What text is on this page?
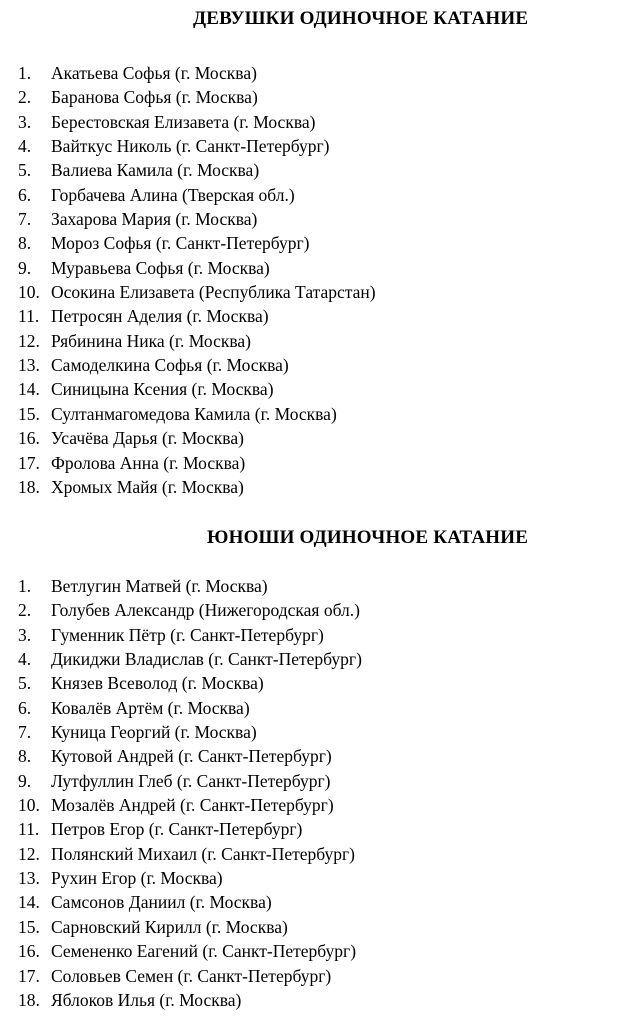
ДЕВУШКИ ОДИНОЧНОЕ КАТАНИЕ
1. Акатьева Софья (г. Москва)
2. Баранова Софья (г. Москва)
3. Берестовская Елизавета (г. Москва)
4. Вайткус Николь (г. Санкт-Петербург)
5. Валиева Камила (г. Москва)
6. Горбачева Алина (Тверская обл.)
7. Захарова Мария (г. Москва)
8. Мороз Софья (г. Санкт-Петербург)
9. Муравьева Софья (г. Москва)
10. Осокина Елизавета (Республика Татарстан)
11. Петросян Аделия (г. Москва)
12. Рябинина Ника (г. Москва)
13. Самоделкина Софья (г. Москва)
14. Синицына Ксения (г. Москва)
15. Султанмагомедова Камила (г. Москва)
16. Усачёва Дарья (г. Москва)
17. Фролова Анна (г. Москва)
18. Хромых Майя (г. Москва)
ЮНОШИ ОДИНОЧНОЕ КАТАНИЕ
1. Ветлугин Матвей (г. Москва)
2. Голубев Александр (Нижегородская обл.)
3. Гуменник Пётр (г. Санкт-Петербург)
4. Дикиджи Владислав (г. Санкт-Петербург)
5. Князев Всеволод (г. Москва)
6. Ковалёв Артём (г. Москва)
7. Куница Георгий (г. Москва)
8. Кутовой Андрей (г. Санкт-Петербург)
9. Лутфуллин Глеб (г. Санкт-Петербург)
10. Мозалёв Андрей (г. Санкт-Петербург)
11. Петров Егор (г. Санкт-Петербург)
12. Полянский Михаил (г. Санкт-Петербург)
13. Рухин Егор (г. Москва)
14. Самсонов Даниил (г. Москва)
15. Сарновский Кирилл (г. Москва)
16. Семененко Еагений (г. Санкт-Петербург)
17. Соловьев Семен (г. Санкт-Петербург)
18. Яблоков Илья (г. Москва)
